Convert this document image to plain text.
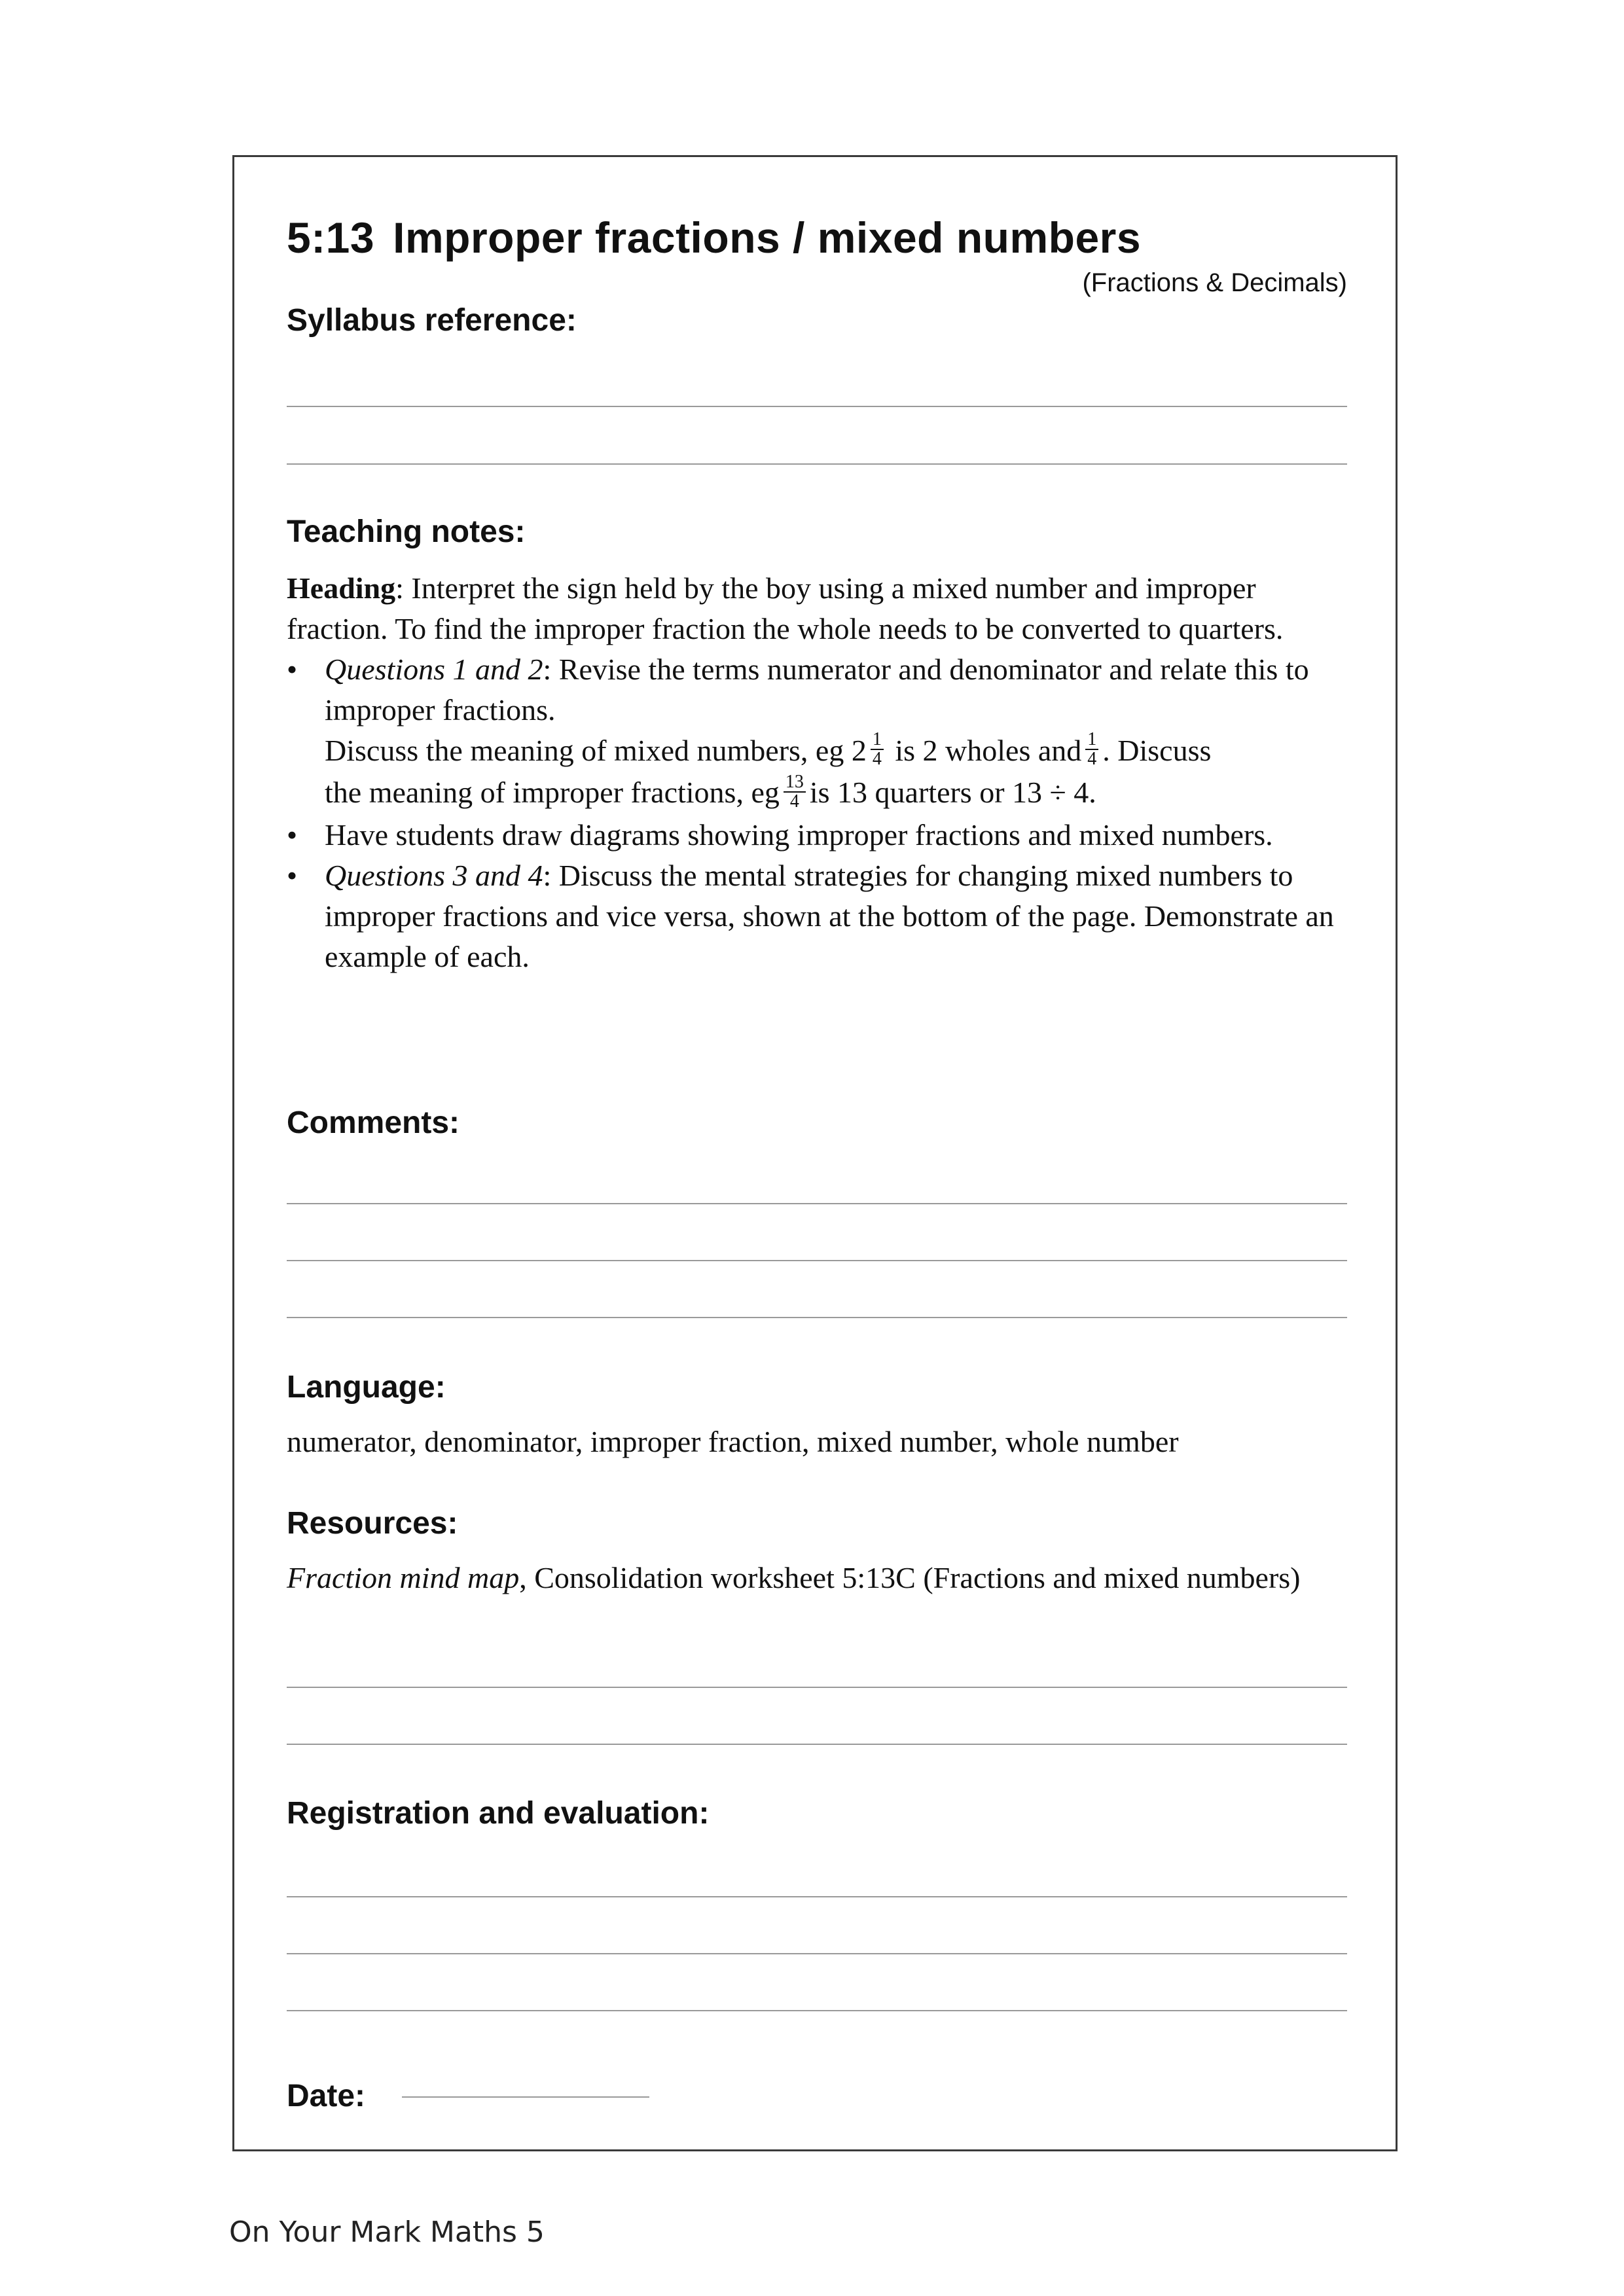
5:13 Improper fractions / mixed numbers
(Fractions & Decimals)
Syllabus reference:
Teaching notes:

Heading: Interpret the sign held by the boy using a mixed number and improper fraction. To find the improper fraction the whole needs to be converted to quarters.

• Questions 1 and 2: Revise the terms numerator and denominator and relate this to improper fractions.

Discuss the meaning of mixed numbers, eg $2 \frac{1}{4}$ is 2 wholes and $\frac{1}{4}$ . Discuss

the meaning of improper fractions, eg $\frac{13}{4}$ is 13 quarters or 13 ÷ 4.

• Have students draw diagrams showing improper fractions and mixed numbers.

• Questions 3 and 4: Discuss the mental strategies for changing mixed numbers to improper fractions and vice versa, shown at the bottom of the page. Demonstrate an example of each.

Comments:
Language:
numerator, denominator, improper fraction, mixed number, whole number
Resources:
Fraction mind map, Consolidation worksheet 5:13C (Fractions and mixed numbers)
Registration and evaluation:
Date:
On Your Mark Maths 5
